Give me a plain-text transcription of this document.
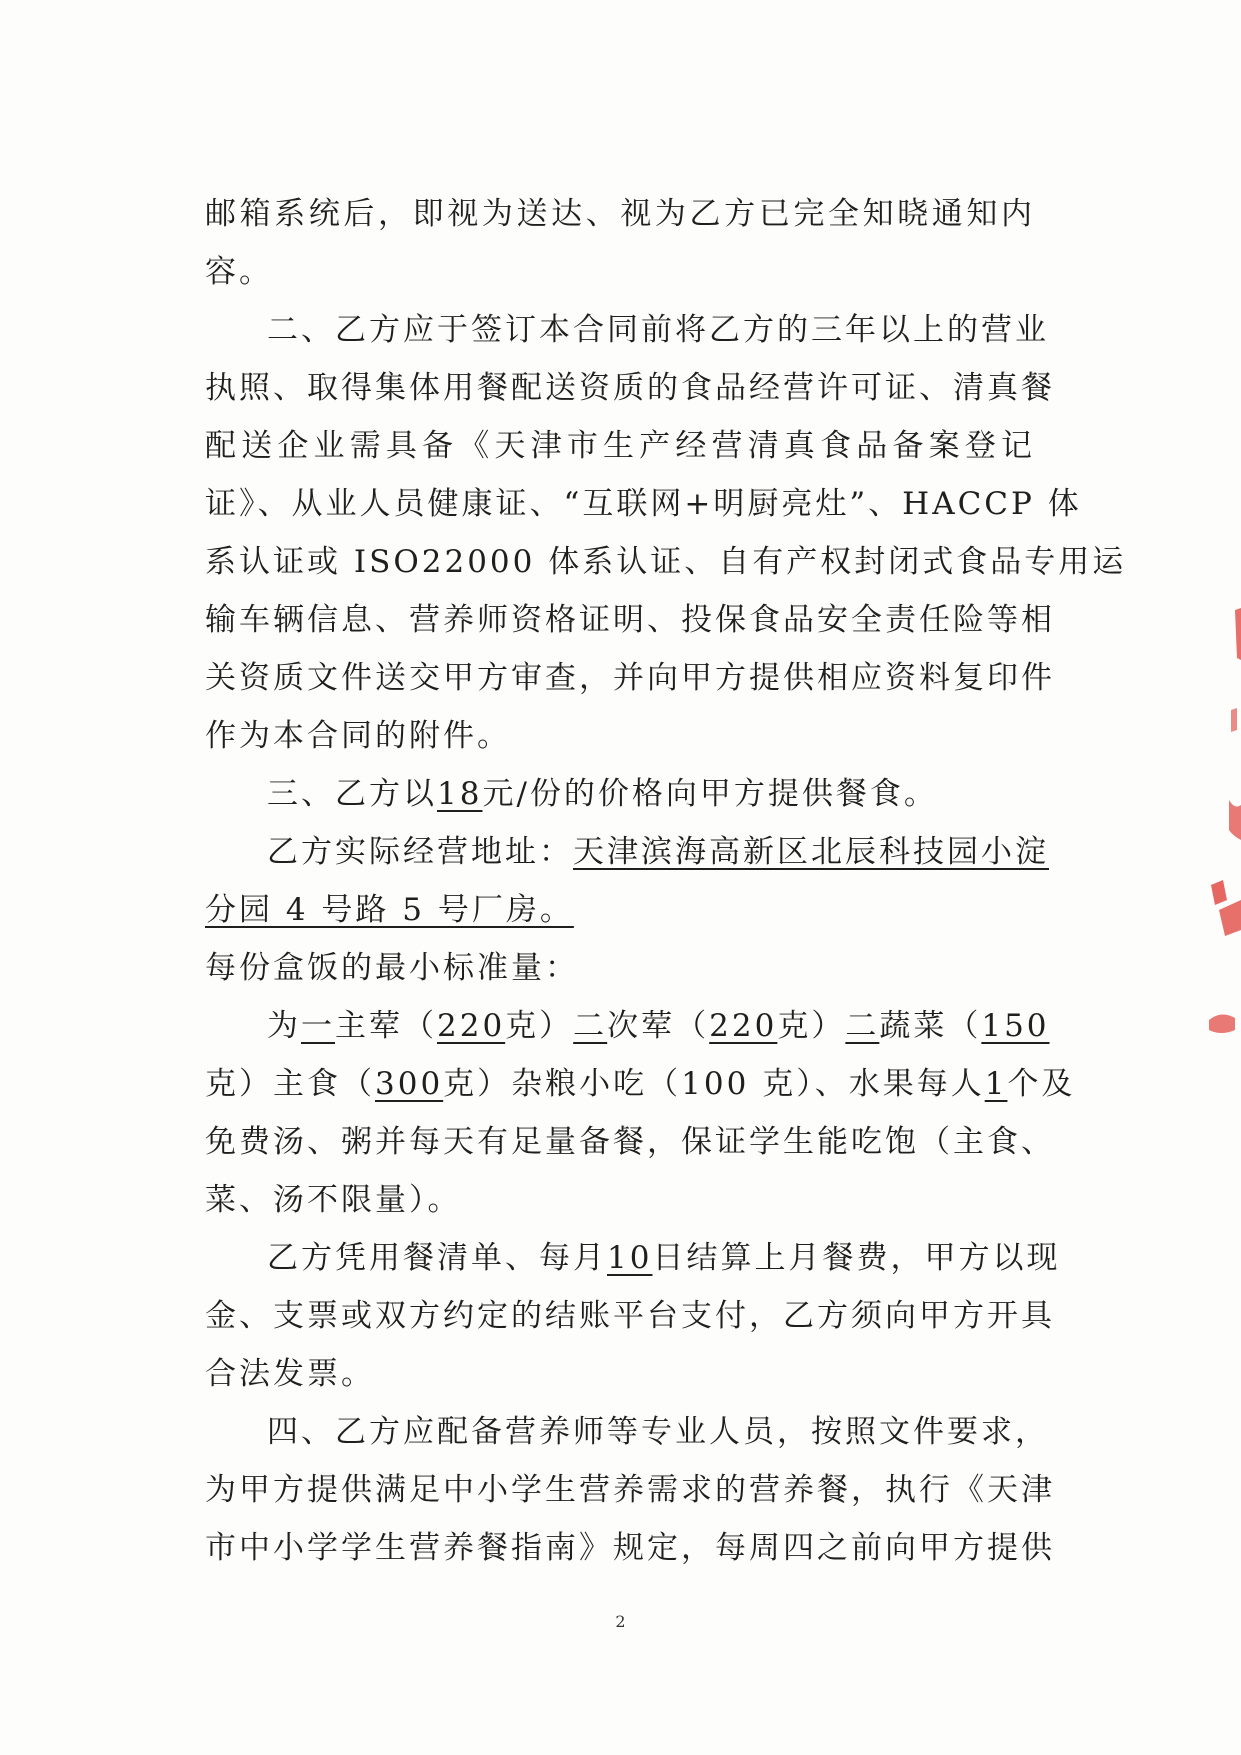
邮箱系统后，即视为送达、视为乙方已完全知晓通知内
容。
二、乙方应于签订本合同前将乙方的三年以上的营业
执照、取得集体用餐配送资质的食品经营许可证、清真餐
配送企业需具备《天津市生产经营清真食品备案登记
证》、从业人员健康证、“互联网+明厨亮灶”、HACCP 体
系认证或 ISO22000 体系认证、自有产权封闭式食品专用运
输车辆信息、营养师资格证明、投保食品安全责任险等相
关资质文件送交甲方审查，并向甲方提供相应资料复印件
作为本合同的附件。
三、乙方以18元/份的价格向甲方提供餐食。
乙方实际经营地址：天津滨海高新区北辰科技园小淀
分园 4 号路 5 号厂房。
每份盒饭的最小标准量：
为一主荤（220克）二次荤（220克）二蔬菜（150
克）主食（300克）杂粮小吃（100 克）、水果每人1个及
免费汤、粥并每天有足量备餐，保证学生能吃饱（主食、
菜、汤不限量）。
乙方凭用餐清单、每月10日结算上月餐费，甲方以现
金、支票或双方约定的结账平台支付，乙方须向甲方开具
合法发票。
四、乙方应配备营养师等专业人员，按照文件要求，
为甲方提供满足中小学生营养需求的营养餐，执行《天津
市中小学学生营养餐指南》规定，每周四之前向甲方提供
2
